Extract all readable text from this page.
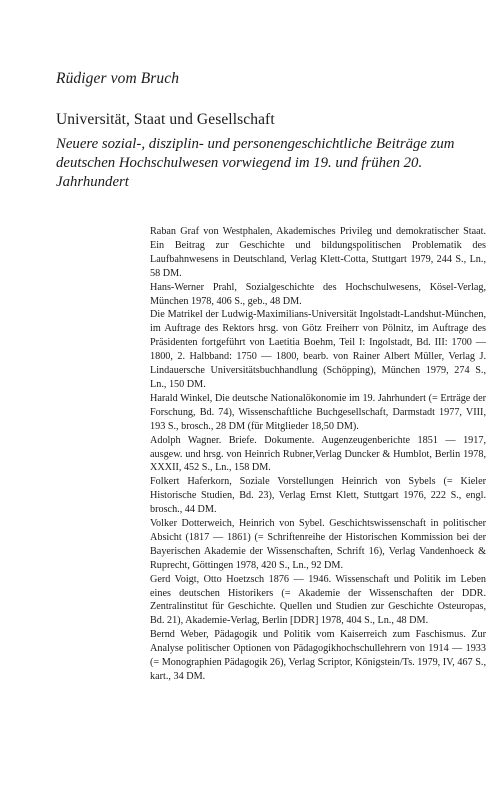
Rüdiger vom Bruch
Universität, Staat und Gesellschaft
Neuere sozial-, disziplin- und personengeschichtliche Beiträge zum deutschen Hochschulwesen vorwiegend im 19. und frühen 20. Jahrhundert

Raban Graf von Westphalen, Akademisches Privileg und demokratischer Staat. Ein Beitrag zur Geschichte und bildungspolitischen Problematik des Laufbahnwesens in Deutschland, Verlag Klett-Cotta, Stuttgart 1979, 244 S., Ln., 58 DM.

Hans-Werner Prahl, Sozialgeschichte des Hochschulwesens, Kösel-Verlag, München 1978, 406 S., geb., 48 DM.

Die Matrikel der Ludwig-Maximilians-Universität Ingolstadt-Landshut-München, im Auftrage des Rektors hrsg. von Götz Freiherr von Pölnitz, im Auftrage des Präsidenten fortgeführt von Laetitia Boehm, Teil I: Ingolstadt, Bd. III: 1700 — 1800, 2. Halbband: 1750 — 1800, bearb. von Rainer Albert Müller, Verlag J. Lindauersche Universitätsbuchhandlung (Schöpping), München 1979, 274 S., Ln., 150 DM.

Harald Winkel, Die deutsche Nationalökonomie im 19. Jahrhundert (= Erträge der Forschung, Bd. 74), Wissenschaftliche Buchgesellschaft, Darmstadt 1977, VIII, 193 S., brosch., 28 DM (für Mitglieder 18,50 DM).

Adolph Wagner. Briefe. Dokumente. Augenzeugenberichte 1851 — 1917, ausgew. und hrsg. von Heinrich Rubner,Verlag Duncker & Humblot, Berlin 1978, XXXII, 452 S., Ln., 158 DM.

Folkert Haferkorn, Soziale Vorstellungen Heinrich von Sybels (= Kieler Historische Studien, Bd. 23), Verlag Ernst Klett, Stuttgart 1976, 222 S., engl. brosch., 44 DM.

Volker Dotterweich, Heinrich von Sybel. Geschichtswissenschaft in politischer Absicht (1817 — 1861) (= Schriftenreihe der Historischen Kommission bei der Bayerischen Akademie der Wissenschaften, Schrift 16), Verlag Vandenhoeck & Ruprecht, Göttingen 1978, 420 S., Ln., 92 DM.

Gerd Voigt, Otto Hoetzsch 1876 — 1946. Wissenschaft und Politik im Leben eines deutschen Historikers (= Akademie der Wissenschaften der DDR. Zentralinstitut für Geschichte. Quellen und Studien zur Geschichte Osteuropas, Bd. 21), Akademie-Verlag, Berlin [DDR] 1978, 404 S., Ln., 48 DM.

Bernd Weber, Pädagogik und Politik vom Kaiserreich zum Faschismus. Zur Analyse politischer Optionen von Pädagogikhochschullehrern von 1914 — 1933 (= Monographien Pädagogik 26), Verlag Scriptor, Königstein/Ts. 1979, IV, 467 S., kart., 34 DM.
